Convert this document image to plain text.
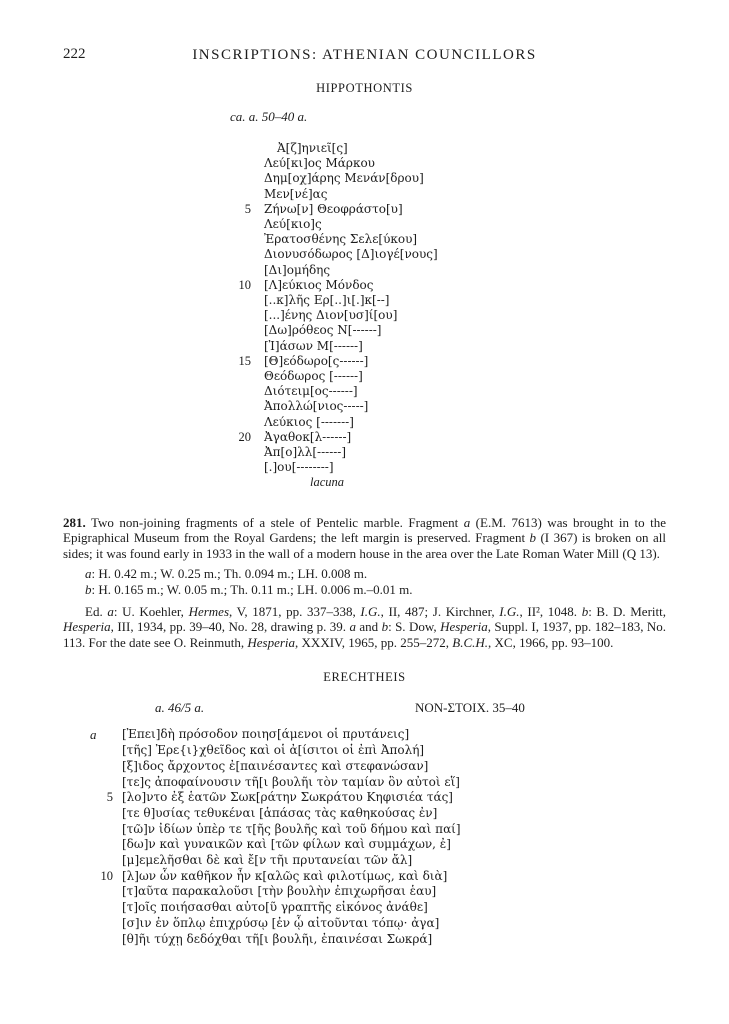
222	INSCRIPTIONS: ATHENIAN COUNCILLORS
HIPPOTHONTIS
ca. a. 50–40 a.
Ἀ[ζ]ηνιεῖ[ς]
Λεύ[κι]ος Μάρκου
Δημ[οχ]άρης Μενάν[δρου]
Μεν[νέ]ας
5	Ζήνω[ν] Θεοφράστο[υ]
Λεύ[κιο]ς
Ἐρατοσθένης Σελε[ύκου]
Διονυσόδωρος [Δ]ιογέ[νους]
[Δι]ομήδης
10	[Λ]εύκιος Μόνδος
[..κ]λῆς Ερ[..]ι[.]κ[--]
[...]ένης Διον[υσ]ί[ου]
[Δω]ρόθεος Ν[------]
[Ἰ]άσων Μ[------]
15	[Θ]εόδωρο[ς------]
Θεόδωρος [------]
Διότειμ[ος------]
Ἀπολλώ[νιος-----]
Λεύκιος [-------]
20	Ἀγαθοκ[λ------]
Ἀπ[ο]λλ[------]
[.]ου[--------]
lacuna

281. Two non-joining fragments of a stele of Pentelic marble. Fragment a (E.M. 7613) was brought in to the Epigraphical Museum from the Royal Gardens; the left margin is preserved. Fragment b (I 367) is broken on all sides; it was found early in 1933 in the wall of a modern house in the area over the Late Roman Water Mill (Q 13).

a: H. 0.42 m.; W. 0.25 m.; Th. 0.094 m.; LH. 0.008 m.
b: H. 0.165 m.; W. 0.05 m.; Th. 0.11 m.; LH. 0.006 m.–0.01 m.

Ed. a: U. Koehler, Hermes, V, 1871, pp. 337–338, I.G., II, 487; J. Kirchner, I.G., II², 1048. b: B. D. Meritt, Hesperia, III, 1934, pp. 39–40, No. 28, drawing p. 39. a and b: S. Dow, Hesperia, Suppl. I, 1937, pp. 182–183, No. 113. For the date see O. Reinmuth, Hesperia, XXXIV, 1965, pp. 255–272, B.C.H., XC, 1966, pp. 93–100.

ERECHTHEIS
a. 46/5 a.	NON-ΣΤΟΙΧ. 35–40
a [Ἐπει]δὴ πρόσοδον ποιησ[άμενοι οἱ πρυτάνεις]
[τῆς] Ἐρε{ι}χθεῖδος καὶ οἱ ἀ[ίσιτοι οἱ ἐπὶ Ἀπολή]
[ξ]ιδος ἄρχοντος ἐ[παινέσαντες καὶ στεφανώσαν]
[τε]ς ἀποφαίνουσιν τῆ[ι βουλῆι τὸν ταμίαν ὃν αὐτοὶ εἵ]
5 [λο]ντο ἐξ ἑατῶν Σωκ[ράτην Σωκράτου Κηφισιέα τάς]
[τε θ]υσίας τεθυκέναι [ἁπάσας τὰς καθηκούσας ἐν]
[τῶ]ν ἰδίων ὑπὲρ τε τ[ῆς βουλῆς καὶ τοῦ δήμου καὶ παί]
[δω]ν καὶ γυναικῶν καὶ [τῶν φίλων καὶ συμμάχων, ἐ]
[μ]εμελῆσθαι δὲ καὶ ἔ[ν τῆι πρυτανείαι τῶν ἄλ]
10 [λ]ων ὧν καθῆκον ἦν κ[αλῶς καὶ φιλοτίμως, καὶ διὰ]
[τ]αῦτα παρακαλοῦσι [τὴν βουλὴν ἐπιχωρῆσαι ἑαυ]
[τ]οῖς ποιήσασθαι αὐτο[ῦ γραπτῆς εἰκόνος ἀνάθε]
[σ]ιν ἐν ὅπλῳ ἐπιχρύσῳ [ἐν ᾧ αἰτοῦνται τόπῳ· ἀγα]
[θ]ῆι τύχῃ δεδόχθαι τῆ[ι βουλῆι, ἐπαινέσαι Σωκρά]
